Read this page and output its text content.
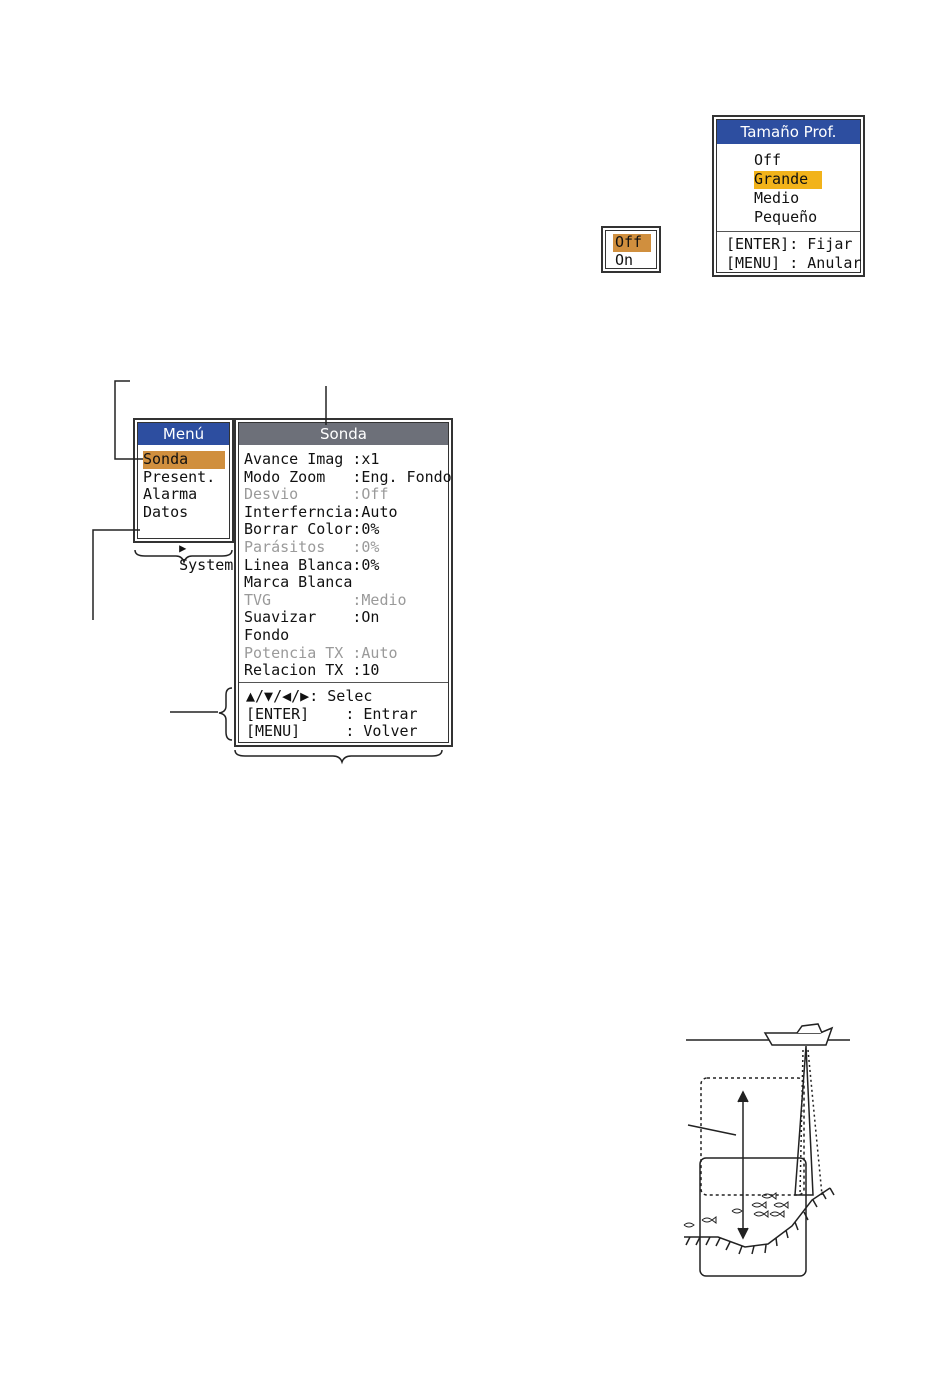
Off
On
Tamaño Prof.
Off
Grande
Medio
Pequeño
[ENTER]: Fijar
[MENU] : Anular
Menú
Sonda
Present.
Alarma
Datos

▶
System

Sonda
Avance Imag :x1
Modo Zoom   :Eng. Fondo
Desvio      :Off
Interferncia:Auto
Borrar Color:0%
Parásitos   :0%
Linea Blanca:0%
Marca Blanca
TVG         :Medio
Suavizar    :On
Fondo
Potencia TX :Auto
Relacion TX :10
▲/▼/◀/▶: Selec
[ENTER]    : Entrar
[MENU]     : Volver
